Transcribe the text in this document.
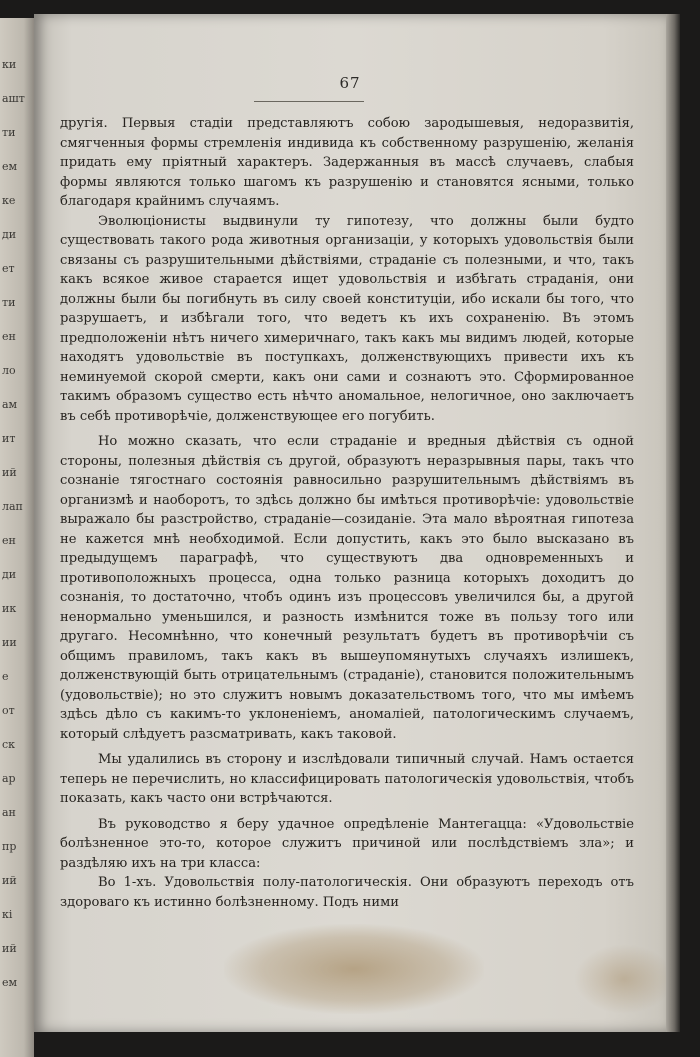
ки
ашт
ти
ем
ке
ди
ет
ти
ен
ло
ам
ит
ий
лап
ен
ди
ик
ии
е
от
ск
ар
ан
пр
ий
кі
ий
ем
67

другія. Первыя стадіи представляютъ собою зародышевыя, недоразвитія, смягченныя формы стремленія индивида къ собственному разрушенію, желанія придать ему пріятный характеръ. Задержанныя въ массѣ случаевъ, слабыя формы являются только шагомъ къ разрушенію и становятся ясными, только благодаря крайнимъ случаямъ.

Эволюціонисты выдвинули ту гипотезу, что должны были будто существовать такого рода животныя организаціи, у которыхъ удовольствія были связаны съ разрушительными дѣйствіями, страданіе съ полезными, и что, такъ какъ всякое живое старается ищет удовольствія и избѣгать страданія, они должны были бы погибнуть въ силу своей конституціи, ибо искали бы того, что разрушаетъ, и избѣгали того, что ведетъ къ ихъ сохраненію. Въ этомъ предположеніи нѣтъ ничего химеричнаго, такъ какъ мы видимъ людей, которые находятъ удовольствіе въ поступкахъ, долженствующихъ привести ихъ къ неминуемой скорой смерти, какъ они сами и сознаютъ это. Сформированное такимъ образомъ существо есть нѣчто аномальное, нелогичное, оно заключаетъ въ себѣ противорѣчіе, долженствующее его погубить.

Но можно сказать, что если страданіе и вредныя дѣйствія съ одной стороны, полезныя дѣйствія съ другой, образуютъ неразрывныя пары, такъ что сознаніе тягостнаго состоянія равносильно разрушительнымъ дѣйствіямъ въ организмѣ и наоборотъ, то здѣсь должно бы имѣться противорѣчіе: удовольствіе выражало бы разстройство, страданіе—созиданіе. Эта мало вѣроятная гипотеза не кажется мнѣ необходимой. Если допустить, какъ это было высказано въ предыдущемъ параграфѣ, что существуютъ два одновременныхъ и противоположныхъ процесса, одна только разница которыхъ доходитъ до сознанія, то достаточно, чтобъ одинъ изъ процессовъ увеличился бы, а другой ненормально уменьшился, и разность измѣнится тоже въ пользу того или другаго. Несомнѣнно, что конечный результатъ будетъ въ противорѣчіи съ общимъ правиломъ, такъ какъ въ вышеупомянутыхъ случаяхъ излишекъ, долженствующій быть отрицательнымъ (страданіе), становится положительнымъ (удовольствіе); но это служитъ новымъ доказательствомъ того, что мы имѣемъ здѣсь дѣло съ какимъ-то уклоненіемъ, аномаліей, патологическимъ случаемъ, который слѣдуетъ разсматривать, какъ таковой.

Мы удалились въ сторону и изслѣдовали типичный случай. Намъ остается теперь не перечислить, но классифицировать патологическія удовольствія, чтобъ показать, какъ часто они встрѣчаются.

Въ руководство я беру удачное опредѣленіе Мантегацца: «Удовольствіе болѣзненное это-то, которое служитъ причиной или послѣдствіемъ зла»; и раздѣляю ихъ на три класса:

Во 1-хъ. Удовольствія полу-патологическія. Они образуютъ переходъ отъ здороваго къ истинно болѣзненному. Подъ ними
